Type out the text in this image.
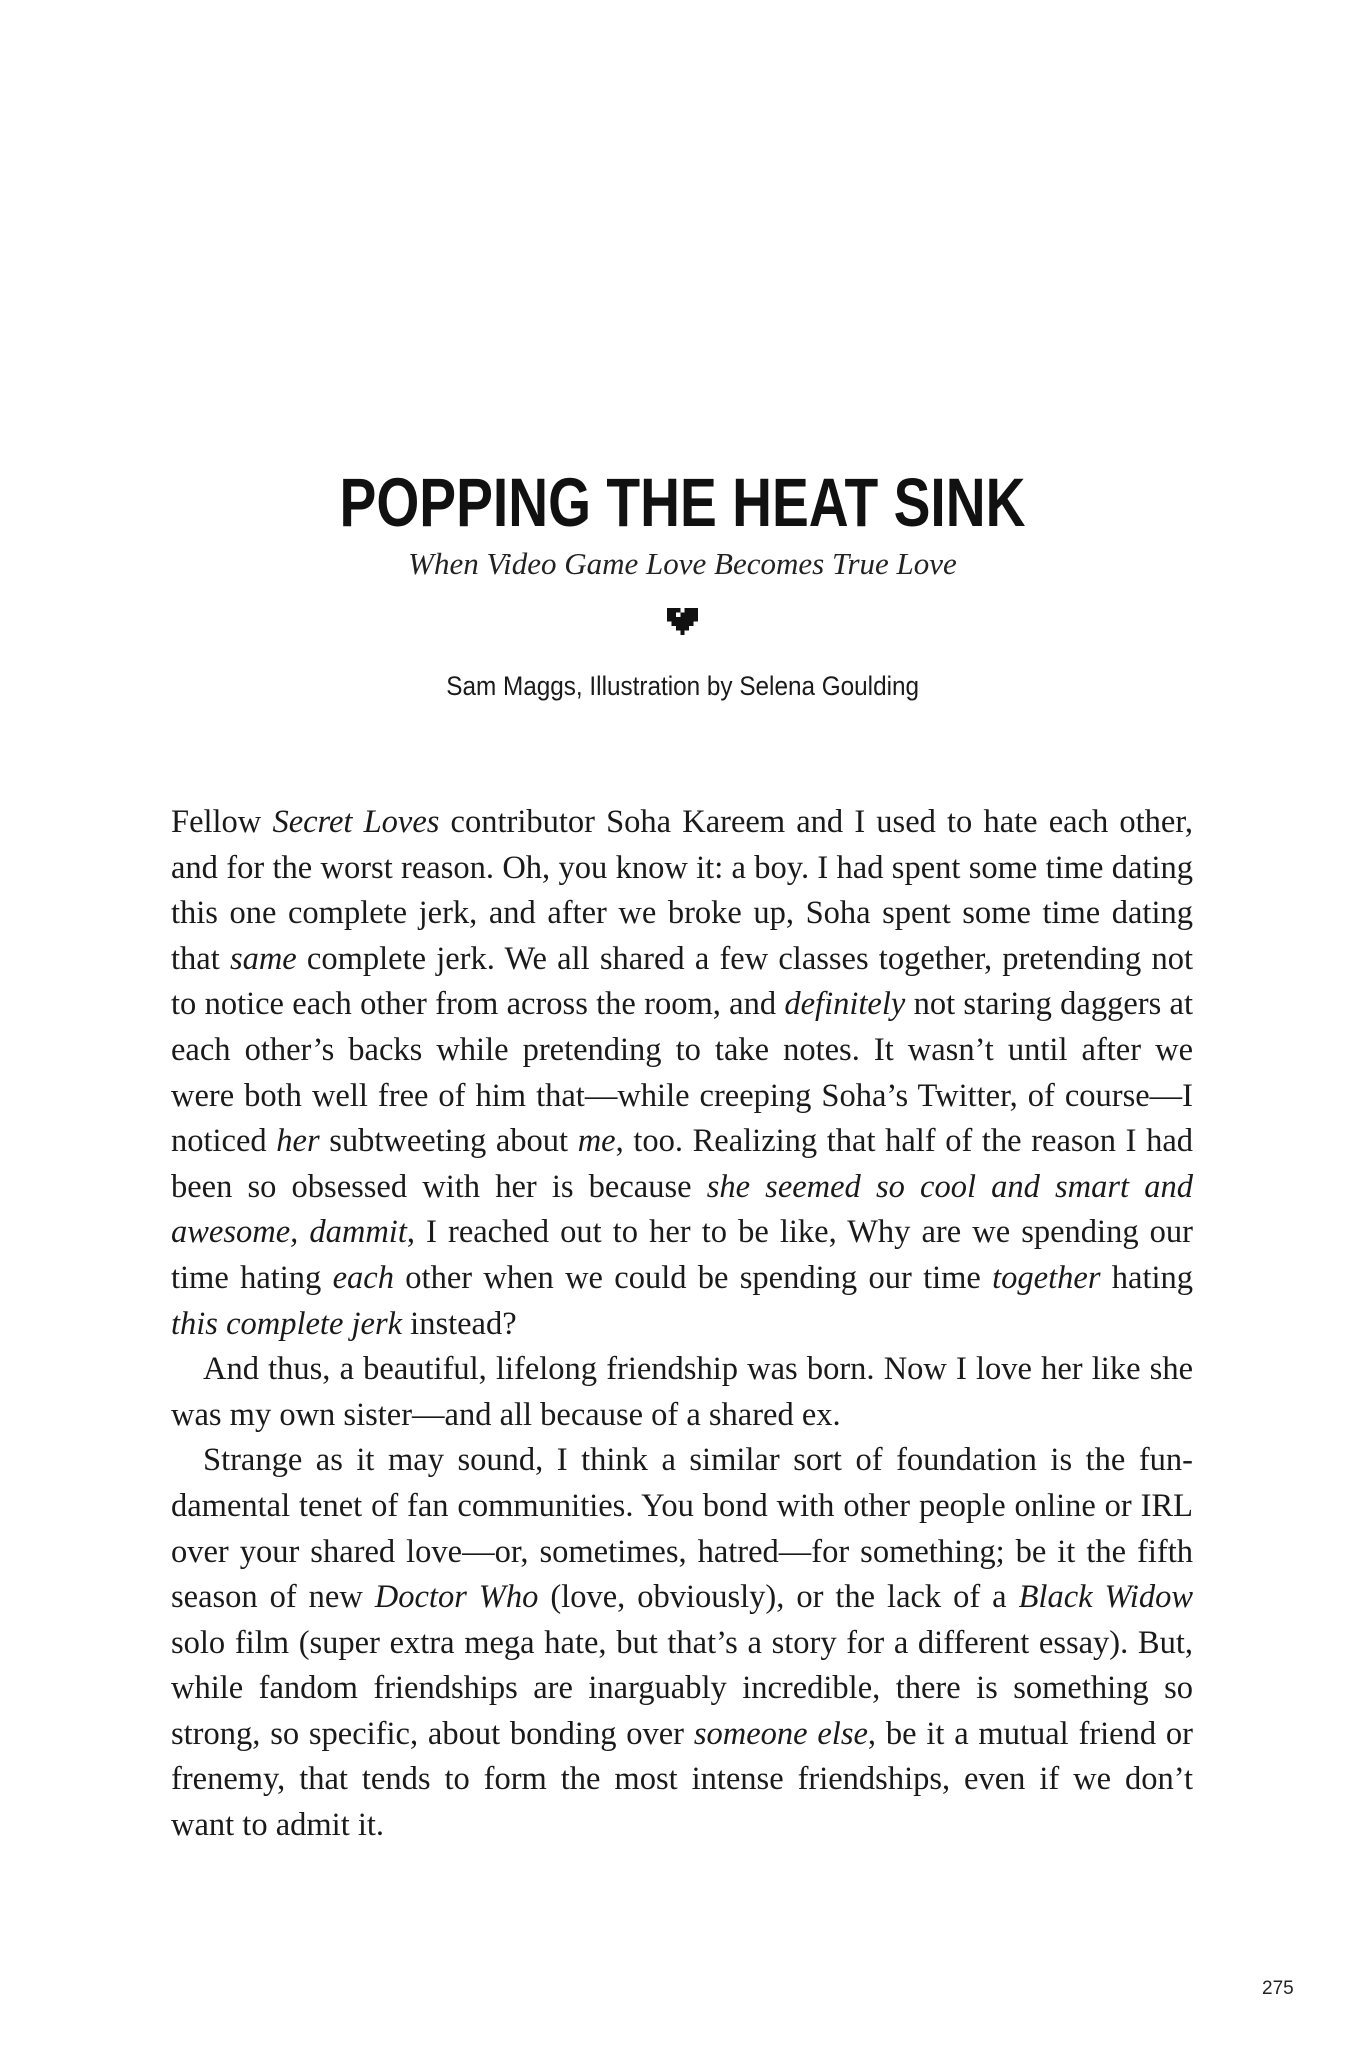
POPPING THE HEAT SINK
When Video Game Love Becomes True Love
Sam Maggs, Illustration by Selena Goulding

Fellow Secret Loves contributor Soha Kareem and I used to hate each other, and for the worst reason. Oh, you know it: a boy. I had spent some time dating this one complete jerk, and after we broke up, Soha spent some time dating that same complete jerk. We all shared a few classes together, pretending not to notice each other from across the room, and definitely not staring daggers at each other’s backs while pretending to take notes. It wasn’t until after we were both well free of him that—while creeping Soha’s Twitter, of course—I noticed her subtweeting about me, too. Realizing that half of the reason I had been so obsessed with her is because she seemed so cool and smart and awesome, dammit, I reached out to her to be like, Why are we spending our time hating each other when we could be spending our time together hating this complete jerk instead?

And thus, a beautiful, lifelong friendship was born. Now I love her like she was my own sister—and all because of a shared ex.

Strange as it may sound, I think a similar sort of foundation is the fundamental tenet of fan communities. You bond with other people online or IRL over your shared love—or, sometimes, hatred—for something; be it the fifth season of new Doctor Who (love, obviously), or the lack of a Black Widow solo film (super extra mega hate, but that’s a story for a different essay). But, while fandom friendships are inarguably incredible, there is something so strong, so specific, about bonding over someone else, be it a mutual friend or frenemy, that tends to form the most intense friendships, even if we don’t want to admit it.

275
